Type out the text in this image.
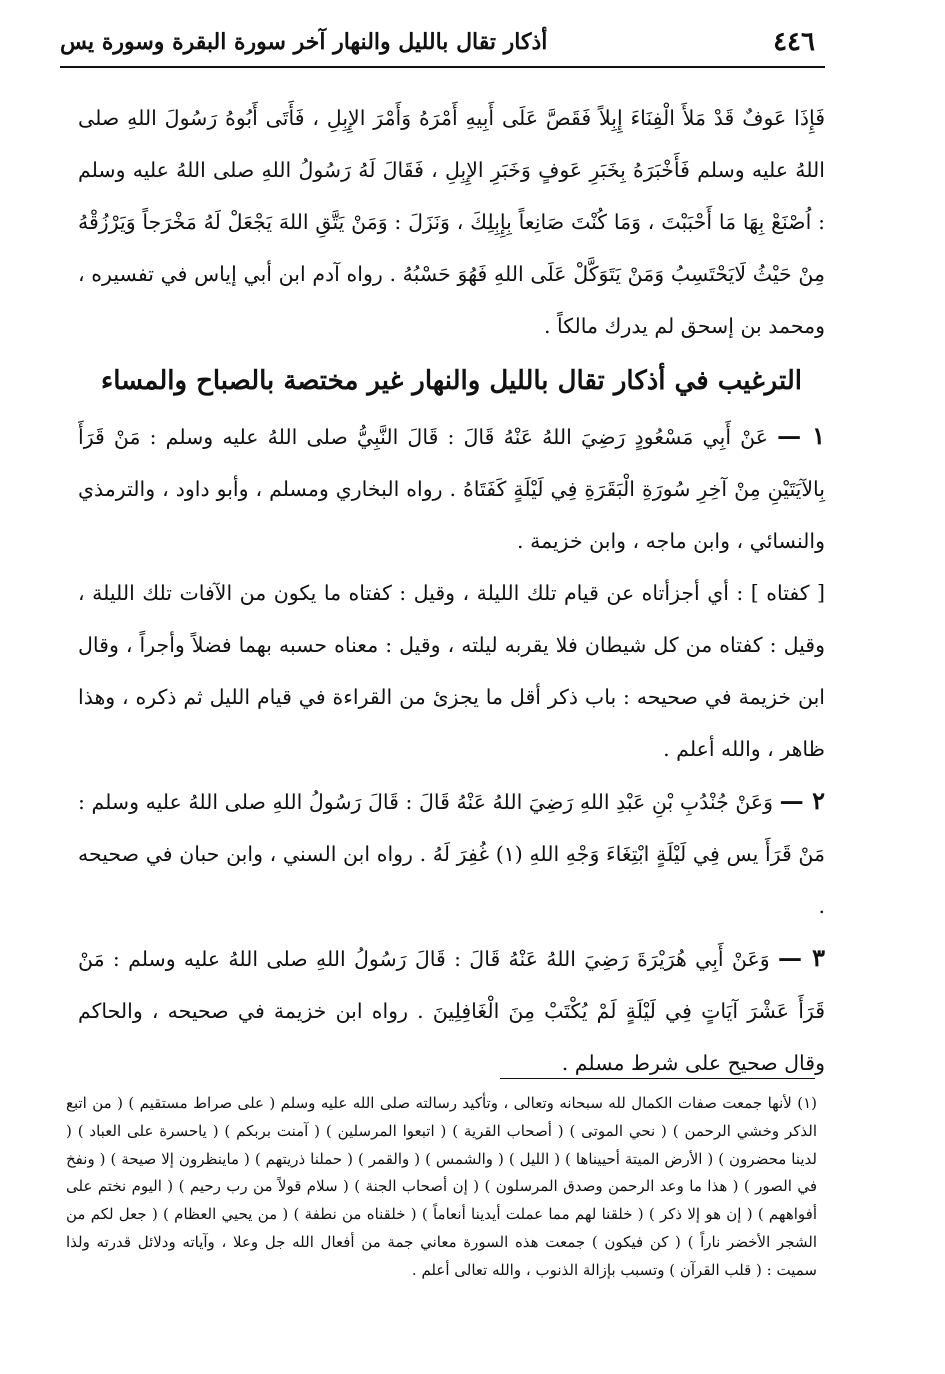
٤٤٦
أذكار تقال بالليل والنهار آخر سورة البقرة وسورة يس

فَإِذَا عَوفٌ قَدْ مَلأَ الْفِنَاءَ إِبِلاً فَقَصَّ عَلَى أَبِيهِ أَمْرَهُ وَأَمْرَ الإِبِلِ ، فَأَتَى أَبُوهُ رَسُولَ اللهِ صلى اللهُ عليه وسلم فَأَخْبَرَهُ بِخَبَرِ عَوفٍ وَخَبَرِ الإِبِلِ ، فَقَالَ لَهُ رَسُولُ اللهِ صلى اللهُ عليه وسلم : اُصْنَعْ بِهَا مَا أَحْبَبْتَ ، وَمَا كُنْتَ صَانِعاً بِإِبِلِكَ ، وَنَزَلَ : وَمَنْ يَتَّقِ اللهَ يَجْعَلْ لَهُ مَخْرَجاً وَيَرْزُقْهُ مِنْ حَيْثُ لَايَحْتَسِبُ وَمَنْ يَتَوَكَّلْ عَلَى اللهِ فَهُوَ حَسْبُهُ . رواه آدم ابن أبي إياس في تفسيره ، ومحمد بن إسحق لم يدرك مالكاً .

الترغيب في أذكار تقال بالليل والنهار غير مختصة بالصباح والمساء

١ — عَنْ أَبِي مَسْعُودٍ رَضِيَ اللهُ عَنْهُ قَالَ : قَالَ النَّبِيُّ صلى اللهُ عليه وسلم : مَنْ قَرَأَ بِالآيَتَيْنِ مِنْ آخِرِ سُورَةِ الْبَقَرَةِ فِي لَيْلَةٍ كَفَتَاهُ . رواه البخاري ومسلم ، وأبو داود ، والترمذي والنسائي ، وابن ماجه ، وابن خزيمة .

[ كفتاه ] : أي أجزأتاه عن قيام تلك الليلة ، وقيل : كفتاه ما يكون من الآفات تلك الليلة ، وقيل : كفتاه من كل شيطان فلا يقربه ليلته ، وقيل : معناه حسبه بهما فضلاً وأجراً ، وقال ابن خزيمة في صحيحه : باب ذكر أقل ما يجزئ من القراءة في قيام الليل ثم ذكره ، وهذا ظاهر ، والله أعلم .

٢ — وَعَنْ جُنْدُبِ بْنِ عَبْدِ اللهِ رَضِيَ اللهُ عَنْهُ قَالَ : قَالَ رَسُولُ اللهِ صلى اللهُ عليه وسلم : مَنْ قَرَأَ يس فِي لَيْلَةٍ ابْتِغَاءَ وَجْهِ اللهِ (١) غُفِرَ لَهُ . رواه ابن السني ، وابن حبان في صحيحه .

٣ — وَعَنْ أَبِي هُرَيْرَةَ رَضِيَ اللهُ عَنْهُ قَالَ : قَالَ رَسُولُ اللهِ صلى اللهُ عليه وسلم : مَنْ قَرَأَ عَشْرَ آيَاتٍ فِي لَيْلَةٍ لَمْ يُكْتَبْ مِنَ الْغَافِلِينَ . رواه ابن خزيمة في صحيحه ، والحاكم وقال صحيح على شرط مسلم .

(١) لأنها جمعت صفات الكمال لله سبحانه وتعالى ، وتأكيد رسالته صلى الله عليه وسلم ( على صراط مستقيم ) ( من اتبع الذكر وخشي الرحمن ) ( نحي الموتى ) ( أصحاب القرية ) ( اتبعوا المرسلين ) ( آمنت بربكم ) ( ياحسرة على العباد ) ( لدينا محضرون ) ( الأرض الميتة أحييناها ) ( الليل ) ( والشمس ) ( والقمر ) ( حملنا ذريتهم ) ( ماينظرون إلا صيحة ) ( ونفخ في الصور ) ( هذا ما وعد الرحمن وصدق المرسلون ) ( إن أصحاب الجنة ) ( سلام قولاً من رب رحيم ) ( اليوم نختم على أفواههم ) ( إن هو إلا ذكر ) ( خلقنا لهم مما عملت أيدينا أنعاماً ) ( خلقناه من نطفة ) ( من يحيي العظام ) ( جعل لكم من الشجر الأخضر ناراً ) ( كن فيكون ) جمعت هذه السورة معاني جمة من أفعال الله جل وعلا ، وآياته ودلائل قدرته ولذا سميت : ( قلب القرآن ) وتسبب بإزالة الذنوب ، والله تعالى أعلم .
